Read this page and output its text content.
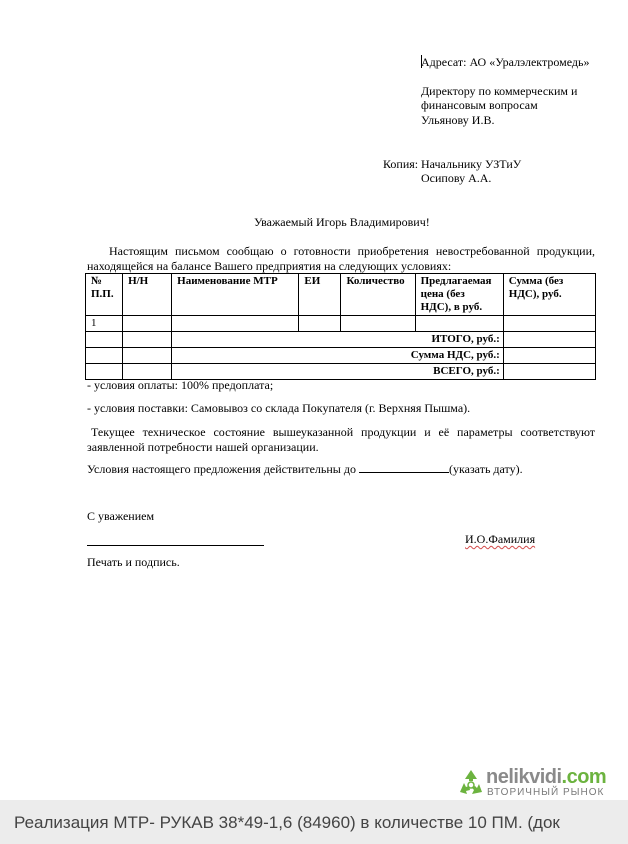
Адресат: АО «Уралэлектромедь»
Директору по коммерческим и
финансовым вопросам
Ульянову И.В.
Копия: Начальнику УЗТиУ
Осипову А.А.
Уважаемый Игорь Владимирович!
Настоящим письмом сообщаю о готовности приобретения невостребованной продукции, находящейся на балансе Вашего предприятия на следующих условиях:
№ П.П.	Н/Н	Наименование МТР	ЕИ	Количество	Предлагаемая цена (без НДС), в руб.	Сумма (без НДС), руб.
1						
		ИТОГО, руб.:				
		Сумма НДС, руб.:				
		ВСЕГО, руб.:				
- условия оплаты: 100% предоплата;
- условия поставки: Самовывоз со склада Покупателя (г. Верхняя Пышма).
Текущее техническое состояние вышеуказанной продукции и её параметры соответствуют заявленной потребности нашей организации.
Условия настоящего предложения действительны до	(указать дату).
С уважением
И.О.Фамилия
Печать и подпись.
nelikvidi.com
ВТОРИЧНЫЙ РЫНОК
Реализация МТР- РУКАВ 38*49-1,6 (84960) в количестве 10 ПМ. (док
